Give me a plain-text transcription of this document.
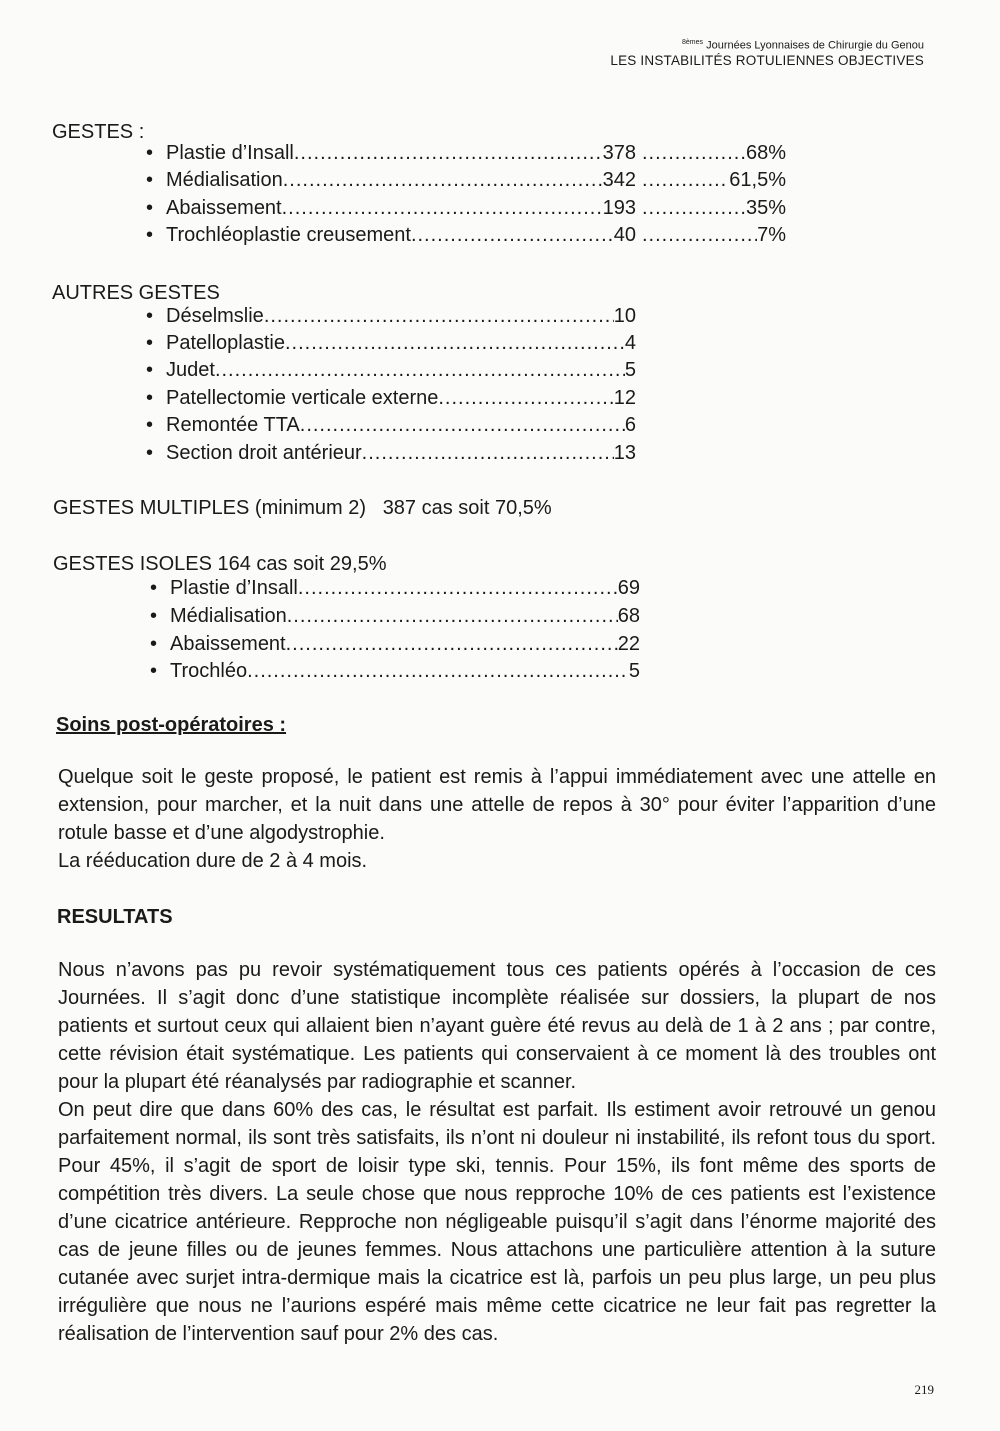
$^{8èmes}$ Journées Lyonnaises de Chirurgie du Genou
LES INSTABILITÉS ROTULIENNES OBJECTIVES
GESTES :
• Plastie d’Insall .....	378 .....	68%
• Médialisation .....	342 .....	61,5%
• Abaissement .....	193 .....	35%
• Trochléoplastie creusement .....	40 .....	7%
AUTRES GESTES
• Déselmslie .....	10
• Patelloplastie .....	4
• Judet .....	5
• Patellectomie verticale externe .....	12
• Remontée TTA .....	6
• Section droit antérieur .....	13
GESTES MULTIPLES (minimum 2)   387 cas soit 70,5%
GESTES ISOLES 164 cas soit 29,5%
• Plastie d’Insall .....	69
• Médialisation .....	68
• Abaissement .....	22
• Trochléo .....	5
Soins post-opératoires :

Quelque soit le geste proposé, le patient est remis à l’appui immédiatement avec une attelle en extension, pour marcher, et la nuit dans une attelle de repos à 30° pour éviter l’apparition d’une rotule basse et d’une algodystrophie.

La rééducation dure de 2 à 4 mois.

RESULTATS

Nous n’avons pas pu revoir systématiquement tous ces patients opérés à l’occasion de ces Journées. Il s’agit donc d’une statistique incomplète réalisée sur dossiers, la plupart de nos patients et surtout ceux qui allaient bien n’ayant guère été revus au delà de 1 à 2 ans ; par contre, cette révision était systématique. Les patients qui conservaient à ce moment là des troubles ont pour la plupart été réanalysés par radiographie et scanner.

On peut dire que dans 60% des cas, le résultat est parfait. Ils estiment avoir retrouvé un genou parfaitement normal, ils sont très satisfaits, ils n’ont ni douleur ni instabilité, ils refont tous du sport. Pour 45%, il s’agit de sport de loisir type ski, tennis. Pour 15%, ils font même des sports de compétition très divers. La seule chose que nous repproche 10% de ces patients est l’existence d’une cicatrice antérieure. Repproche non négligeable puisqu’il s’agit dans l’énorme majorité des cas de jeune filles ou de jeunes femmes. Nous attachons une particulière attention à la suture cutanée avec surjet intra-dermique mais la cicatrice est là, parfois un peu plus large, un peu plus irrégulière que nous ne l’aurions espéré mais même cette cicatrice ne leur fait pas regretter la réalisation de l’intervention sauf pour 2% des cas.

219
